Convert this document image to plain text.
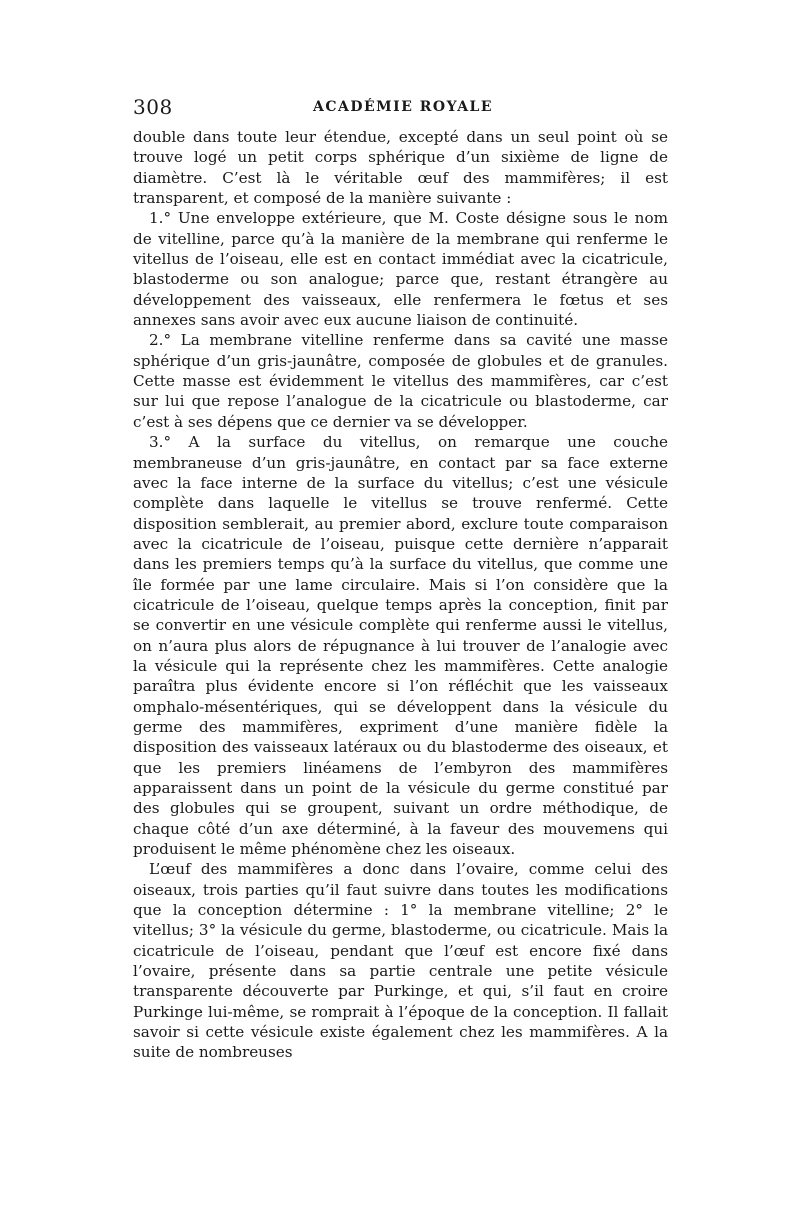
308	ACADÉMIE ROYALE

double dans toute leur étendue, excepté dans un seul point où se trouve logé un petit corps sphérique d’un sixième de ligne de diamètre. C’est là le véritable œuf des mammifères; il est transparent, et composé de la manière suivante :

1.° Une enveloppe extérieure, que M. Coste désigne sous le nom de vitelline, parce qu’à la manière de la membrane qui renferme le vitellus de l’oiseau, elle est en contact immédiat avec la cicatricule, blastoderme ou son analogue; parce que, restant étrangère au développement des vaisseaux, elle renfermera le fœtus et ses annexes sans avoir avec eux aucune liaison de continuité.

2.° La membrane vitelline renferme dans sa cavité une masse sphérique d’un gris-jaunâtre, composée de globules et de granules. Cette masse est évidemment le vitellus des mammifères, car c’est sur lui que repose l’analogue de la cicatricule ou blastoderme, car c’est à ses dépens que ce dernier va se développer.

3.° A la surface du vitellus, on remarque une couche membraneuse d’un gris-jaunâtre, en contact par sa face externe avec la face interne de la surface du vitellus; c’est une vésicule complète dans laquelle le vitellus se trouve renfermé. Cette disposition semblerait, au premier abord, exclure toute comparaison avec la cicatricule de l’oiseau, puisque cette dernière n’apparait dans les premiers temps qu’à la surface du vitellus, que comme une île formée par une lame circulaire. Mais si l’on considère que la cicatricule de l’oiseau, quelque temps après la conception, finit par se convertir en une vésicule complète qui renferme aussi le vitellus, on n’aura plus alors de répugnance à lui trouver de l’analogie avec la vésicule qui la représente chez les mammifères. Cette analogie paraîtra plus évidente encore si l’on réfléchit que les vaisseaux omphalo-mésentériques, qui se développent dans la vésicule du germe des mammifères, expriment d’une manière fidèle la disposition des vaisseaux latéraux ou du blastoderme des oiseaux, et que les premiers linéamens de l’embyron des mammifères apparaissent dans un point de la vésicule du germe constitué par des globules qui se groupent, suivant un ordre méthodique, de chaque côté d’un axe déterminé, à la faveur des mouvemens qui produisent le même phénomène chez les oiseaux.

L’œuf des mammifères a donc dans l’ovaire, comme celui des oiseaux, trois parties qu’il faut suivre dans toutes les modifications que la conception détermine : 1° la membrane vitelline; 2° le vitellus; 3° la vésicule du germe, blastoderme, ou cicatricule. Mais la cicatricule de l’oiseau, pendant que l’œuf est encore fixé dans l’ovaire, présente dans sa partie centrale une petite vésicule transparente découverte par Purkinge, et qui, s’il faut en croire Purkinge lui-même, se romprait à l’époque de la conception. Il fallait savoir si cette vésicule existe également chez les mammifères. A la suite de nombreuses
